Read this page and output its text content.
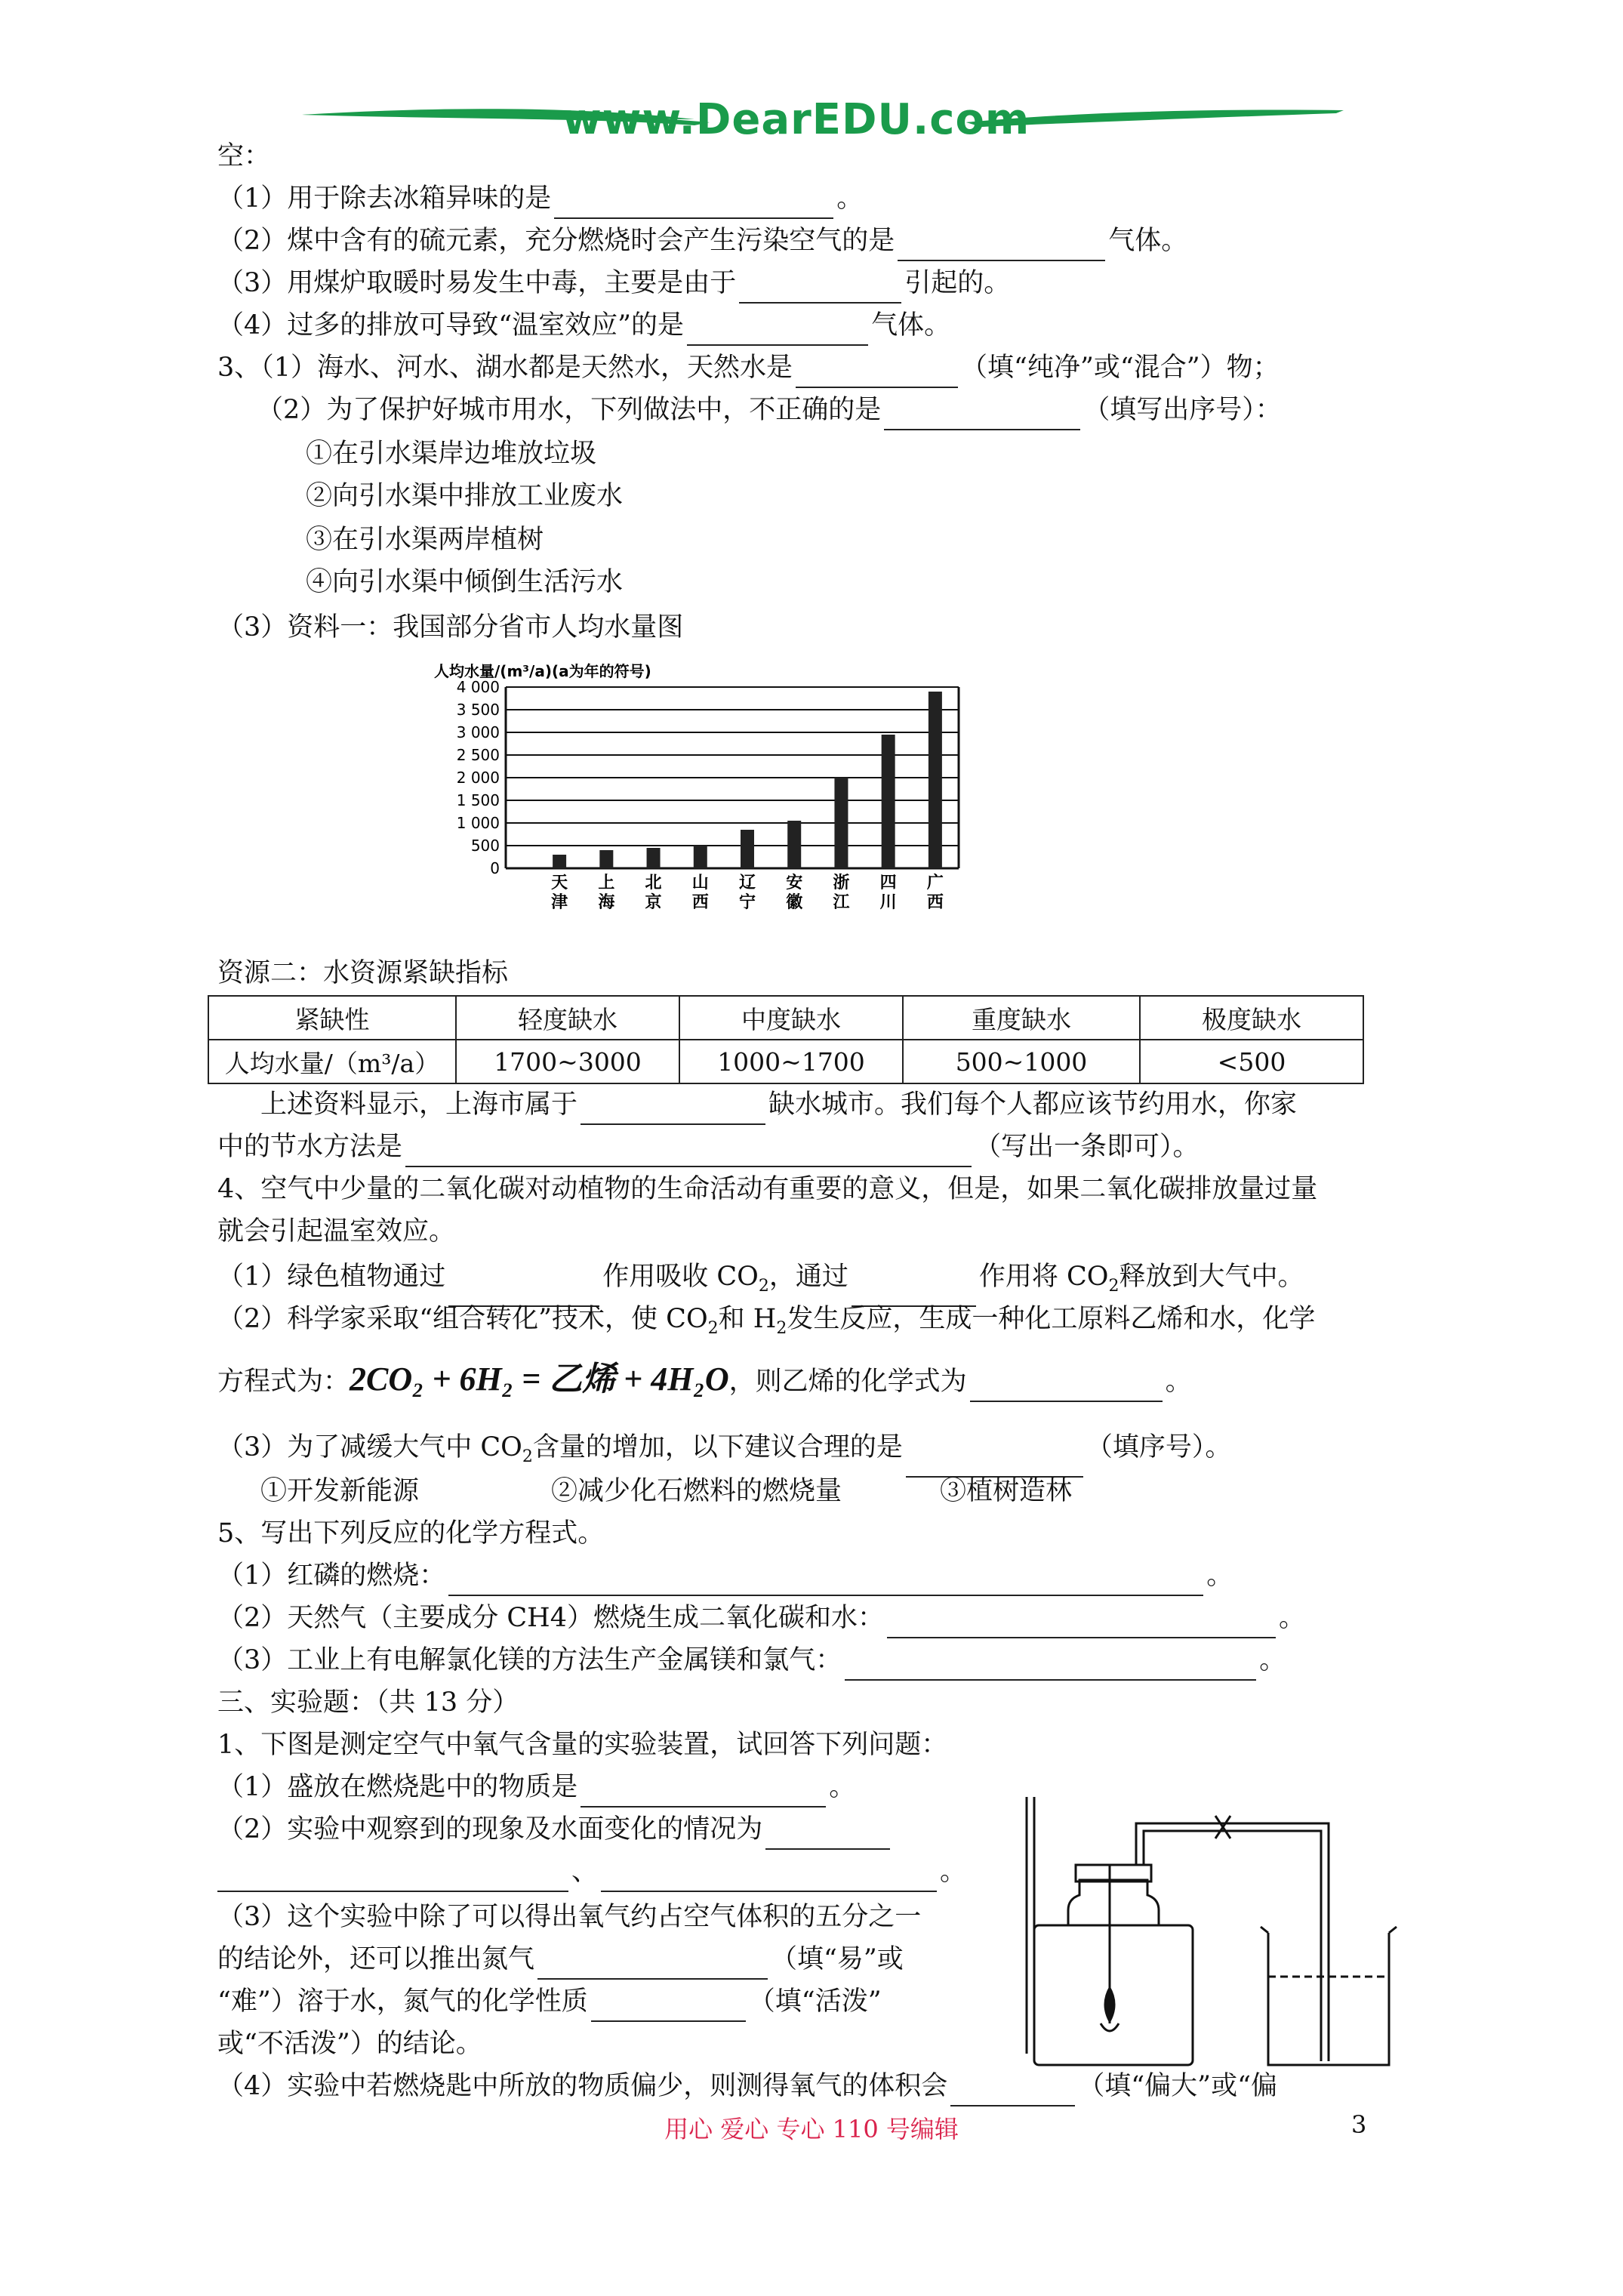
www.DearEDU.com
空：
（1）用于除去冰箱异味的是	。
（2）煤中含有的硫元素，充分燃烧时会产生污染空气的是	气体。
（3）用煤炉取暖时易发生中毒，主要是由于	引起的。
（4）过多的排放可导致“温室效应”的是	气体。
3、（1）海水、河水、湖水都是天然水，天然水是	（填“纯净”或“混合”）物；
（2）为了保护好城市用水，下列做法中，不正确的是	（填写出序号）：
①在引水渠岸边堆放垃圾
②向引水渠中排放工业废水
③在引水渠两岸植树
④向引水渠中倾倒生活污水
（3）资料一：我国部分省市人均水量图
人均水量/(m³/a)(a为年的符号)
0
500
1 000
1 500
2 000
2 500
3 000
3 500
4 000
天津
上海
北京
山西
辽宁
安徽
浙江
四川
广西
资源二：水资源紧缺指标
紧缺性	轻度缺水	中度缺水	重度缺水	极度缺水
人均水量/（m³/a）	1700~3000	1000~1700	500~1000	<500
上述资料显示，上海市属于	缺水城市。我们每个人都应该节约用水，你家
中的节水方法是	（写出一条即可）。
4、空气中少量的二氧化碳对动植物的生命活动有重要的意义，但是，如果二氧化碳排放量过量
就会引起温室效应。
（1）绿色植物通过	作用吸收 $CO_2$，通过	作用将 $CO_2$释放到大气中。
（2）科学家采取“组合转化”技术，使 $CO_2$和 $H_2$发生反应，生成一种化工原料乙烯和水，化学
方程式为：2CO₂ + 6H₂ = 乙烯 + 4H₂O，则乙烯的化学式为	。
（3）为了减缓大气中 $CO_2$含量的增加，以下建议合理的是	（填序号）。
①开发新能源	②减少化石燃料的燃烧量	③植树造林
5、写出下列反应的化学方程式。
（1）红磷的燃烧：	。
（2）天然气（主要成分 CH4）燃烧生成二氧化碳和水：	。
（3）工业上有电解氯化镁的方法生产金属镁和氯气：	。
三、实验题：（共 13 分）
1、下图是测定空气中氧气含量的实验装置，试回答下列问题：
（1）盛放在燃烧匙中的物质是	。
（2）实验中观察到的现象及水面变化的情况为
、	。
（3）这个实验中除了可以得出氧气约占空气体积的五分之一
的结论外，还可以推出氮气	（填“易”或
“难”）溶于水，氮气的化学性质	（填“活泼”
或“不活泼”）的结论。
（4）实验中若燃烧匙中所放的物质偏少，则测得氧气的体积会	（填“偏大”或“偏
用心 爱心 专心 110 号编辑	3
